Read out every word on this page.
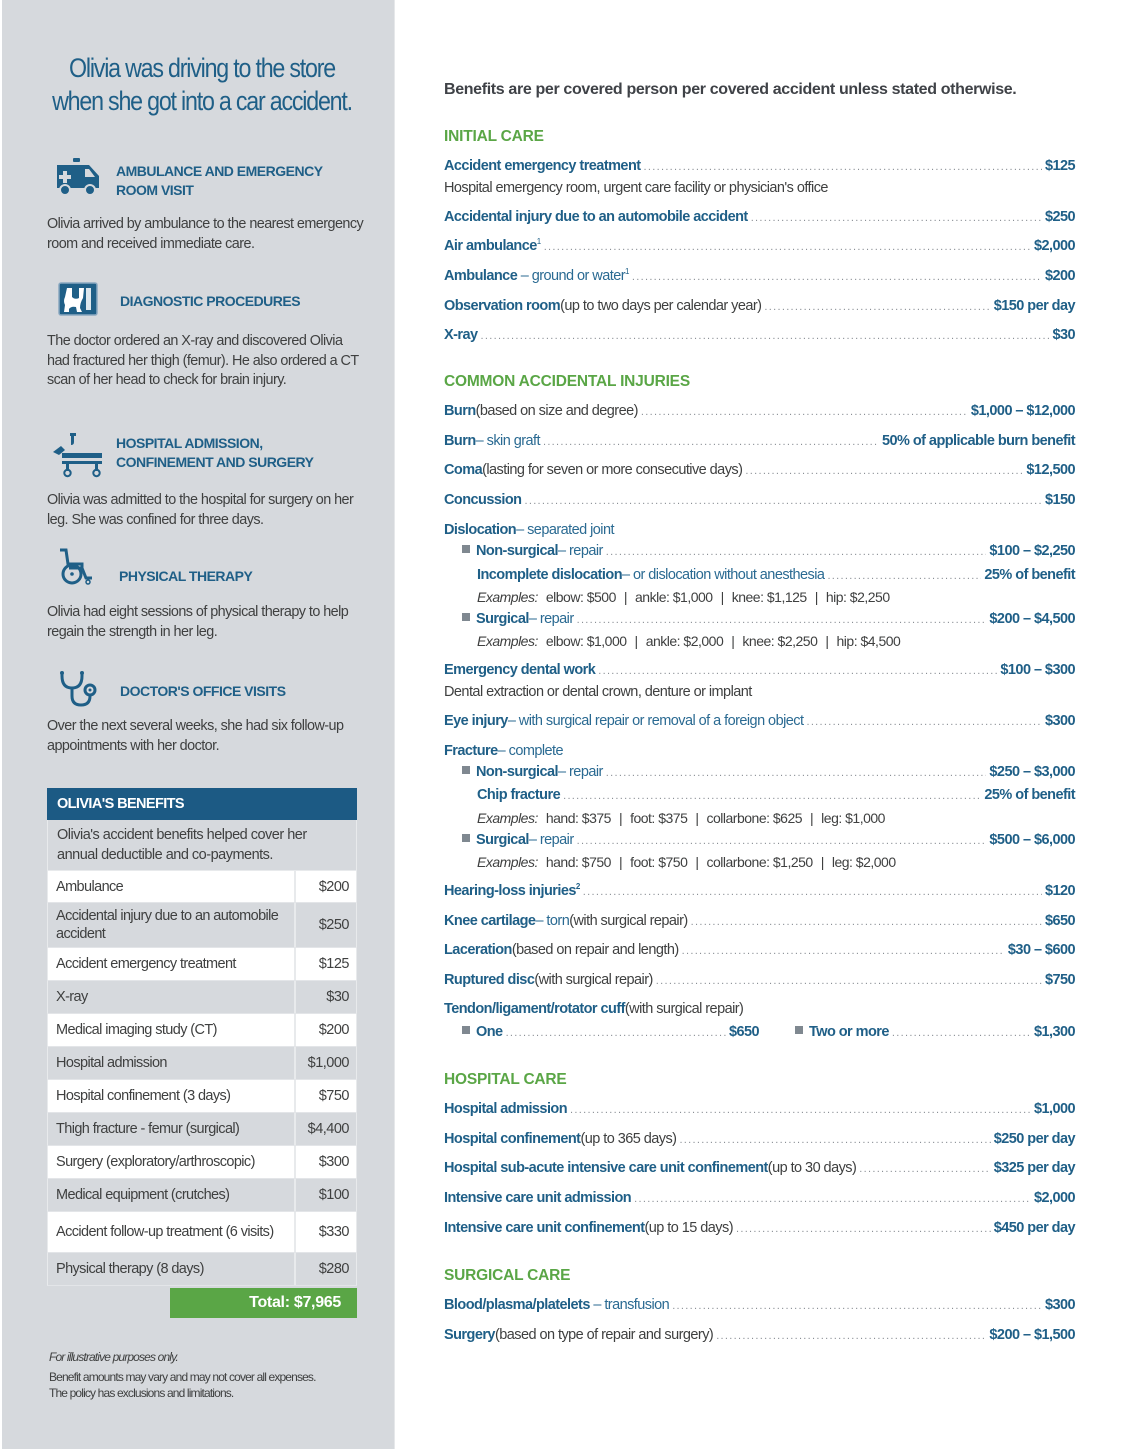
Olivia was driving to the store
when she got into a car accident.
AMBULANCE AND EMERGENCY
ROOM VISIT
Olivia arrived by ambulance to the nearest emergency room and received immediate care.
DIAGNOSTIC PROCEDURES
The doctor ordered an X-ray and discovered Olivia had fractured her thigh (femur). He also ordered a CT scan of her head to check for brain injury.
HOSPITAL ADMISSION,
CONFINEMENT AND SURGERY
Olivia was admitted to the hospital for surgery on her leg. She was confined for three days.
PHYSICAL THERAPY
Olivia had eight sessions of physical therapy to help regain the strength in her leg.
DOCTOR'S OFFICE VISITS
Over the next several weeks, she had six follow-up appointments with her doctor.
OLIVIA'S BENEFITS
Olivia's accident benefits helped cover her annual deductible and co-payments.
Ambulance	$200
Accidental injury due to an automobile accident
$250
Accident emergency treatment	$125
X-ray	$30
Medical imaging study (CT)	$200
Hospital admission	$1,000
Hospital confinement (3 days)	$750
Thigh fracture - femur (surgical)	$4,400
Surgery (exploratory/arthroscopic)	$300
Medical equipment (crutches)	$100
Accident follow-up treatment (6 visits)	$330
Physical therapy (8 days)	$280
Total: $7,965
For illustrative purposes only.
Benefit amounts may vary and may not cover all expenses.
The policy has exclusions and limitations.
Benefits are per covered person per covered accident unless stated otherwise.
INITIAL CARE
Accident emergency treatment .....	$125
Hospital emergency room, urgent care facility or physician's office
Accidental injury due to an automobile accident .....	$250
Air ambulance$^1$ .....	$2,000
Ambulance – ground or water$^1$ .....	$200
Observation room (up to two days per calendar year) .....	$150 per day
X-ray .....	$30
COMMON ACCIDENTAL INJURIES
Burn (based on size and degree) .....	$1,000 – $12,000
Burn – skin graft .....	50% of applicable burn benefit
Coma (lasting for seven or more consecutive days) .....	$12,500
Concussion .....	$150
Dislocation – separated joint
Non-surgical – repair .....	$100 – $2,250
Incomplete dislocation – or dislocation without anesthesia .....	25% of benefit
Examples: elbow: $500 | ankle: $1,000 | knee: $1,125 | hip: $2,250
Surgical – repair .....	$200 – $4,500
Examples: elbow: $1,000 | ankle: $2,000 | knee: $2,250 | hip: $4,500
Emergency dental work .....	$100 – $300
Dental extraction or dental crown, denture or implant
Eye injury – with surgical repair or removal of a foreign object .....	$300
Fracture – complete
Non-surgical – repair .....	$250 – $3,000
Chip fracture .....	25% of benefit
Examples: hand: $375 | foot: $375 | collarbone: $625 | leg: $1,000
Surgical – repair .....	$500 – $6,000
Examples: hand: $750 | foot: $750 | collarbone: $1,250 | leg: $2,000
Hearing-loss injuries$^2$ .....	$120
Knee cartilage – torn (with surgical repair) .....	$650
Laceration (based on repair and length) .....	$30 – $600
Ruptured disc (with surgical repair) .....	$750
Tendon/ligament/rotator cuff (with surgical repair)
One .....	$650	Two or more .....	$1,300
HOSPITAL CARE
Hospital admission .....	$1,000
Hospital confinement (up to 365 days) .....	$250 per day
Hospital sub-acute intensive care unit confinement (up to 30 days) .....	$325 per day
Intensive care unit admission .....	$2,000
Intensive care unit confinement (up to 15 days) .....	$450 per day
SURGICAL CARE
Blood/plasma/platelets – transfusion .....	$300
Surgery (based on type of repair and surgery) .....	$200 – $1,500
